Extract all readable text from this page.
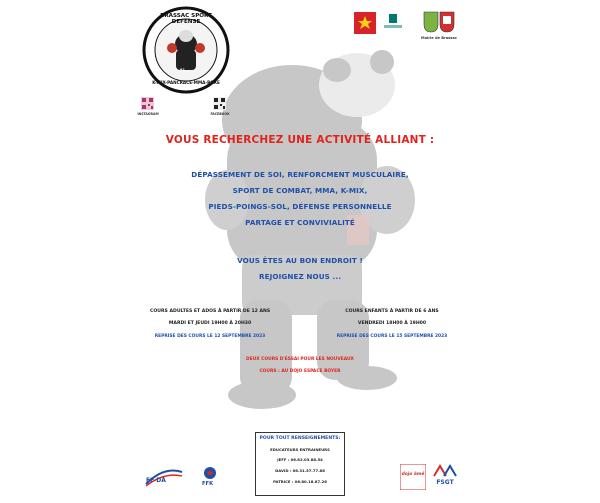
BRASSAC SPORT DEFENSE
K-MIX-PANCRACE-MMA-BOXE
81
INSTAGRAM	FACEBOOK
Mairie de Brassac
VOUS RECHERCHEZ UNE ACTIVITÉ ALLIANT :
DÉPASSEMENT DE SOI, RENFORCMENT MUSCULAIRE,
SPORT DE COMBAT, MMA, K-MIX,
PIEDS-POINGS-SOL, DÉFENSE PERSONNELLE
PARTAGE ET CONVIVIALITÉ
VOUS ÊTES AU BON ENDROIT !
REJOIGNEZ NOUS ...
COURS ADULTES ET ADOS À PARTIR DE 12 ANS
MARDI ET JEUDI 19H00 À 20H30
REPRISE DES COURS LE 12 SEPTEMBRE 2023
COURS ENFANTS À PARTIR DE 6 ANS
VENDREDI 18H00 À 19H00
REPRISE DES COURS LE 15 SEPTEMBRE 2023
DEUX COURS D'ESSAI POUR LES NOUVEAUX
COURS : AU DOJO ESPACE BOYER
POUR TOUT RENSEIGNEMENTS:
EDUCATEURS ENTRAINEURS
JEFF : 06.82.03.88.54
DAVID : 06.31.57.77.88
PATRICE : 06.80.18.87.26
FF DA	FFK
dojo âmé
FSGT
